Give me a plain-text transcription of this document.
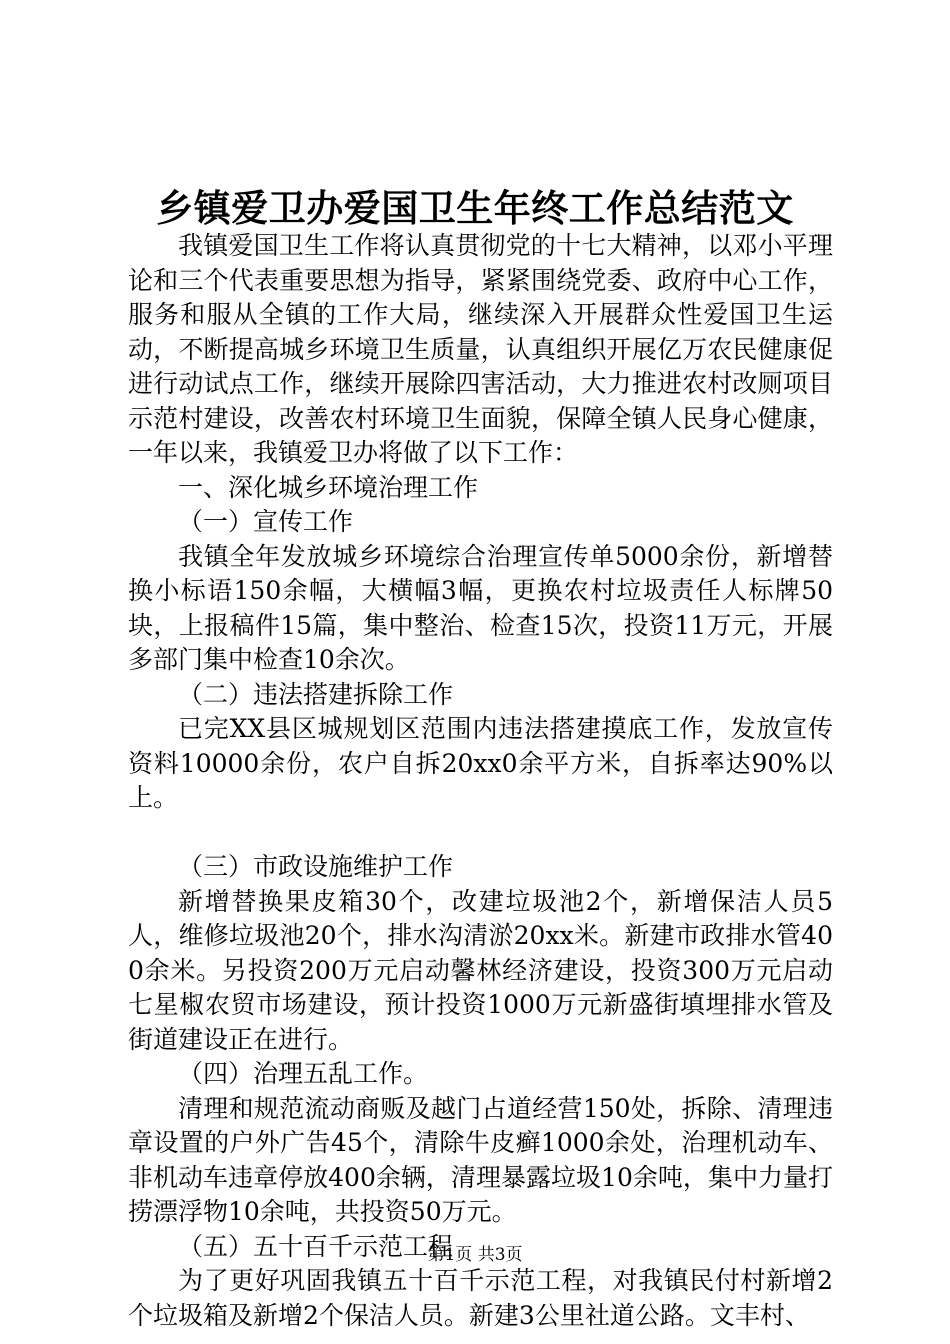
乡镇爱卫办爱国卫生年终工作总结范文

我镇爱国卫生工作将认真贯彻党的十七大精神，以邓小平理论和三个代表重要思想为指导，紧紧围绕党委、政府中心工作，服务和服从全镇的工作大局，继续深入开展群众性爱国卫生运动，不断提高城乡环境卫生质量，认真组织开展亿万农民健康促进行动试点工作，继续开展除四害活动，大力推进农村改厕项目示范村建设，改善农村环境卫生面貌，保障全镇人民身心健康，一年以来，我镇爱卫办将做了以下工作：

一、深化城乡环境治理工作

（一）宣传工作

我镇全年发放城乡环境综合治理宣传单5000余份，新增替换小标语150余幅，大横幅3幅，更换农村垃圾责任人标牌50块，上报稿件15篇，集中整治、检查15次，投资11万元，开展多部门集中检查10余次。

（二）违法搭建拆除工作

已完XX县区城规划区范围内违法搭建摸底工作，发放宣传资料10000余份，农户自拆20xx0余平方米，自拆率达90%以上。

（三）市政设施维护工作

新增替换果皮箱30个，改建垃圾池2个，新增保洁人员5人，维修垃圾池20个，排水沟清淤20xx米。新建市政排水管400余米。另投资200万元启动馨林经济建设，投资300万元启动七星椒农贸市场建设，预计投资1000万元新盛街填埋排水管及街道建设正在进行。

（四）治理五乱工作。

清理和规范流动商贩及越门占道经营150处，拆除、清理违章设置的户外广告45个，清除牛皮癣1000余处，治理机动车、非机动车违章停放400余辆，清理暴露垃圾10余吨，集中力量打捞漂浮物10余吨，共投资50万元。

（五）五十百千示范工程

为了更好巩固我镇五十百千示范工程，对我镇民付村新增2个垃圾箱及新增2个保洁人员。新建3公里社道公路。文丰村、

第1页 共3页
